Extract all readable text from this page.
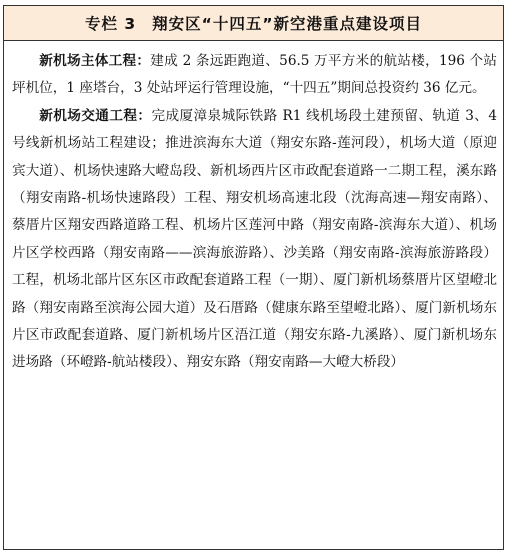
专栏 3 翔安区“十四五”新空港重点建设项目

新机场主体工程：建成 2 条远距跑道、56.5 万平方米的航站楼，196 个站坪机位，1 座塔台，3 处站坪运行管理设施，“十四五”期间总投资约 36 亿元。

新机场交通工程：完成厦漳泉城际铁路 R1 线机场段土建预留、轨道 3、4 号线新机场站工程建设；推进滨海东大道（翔安东路-莲河段），机场大道（原迎宾大道）、机场快速路大嶝岛段、新机场西片区市政配套道路一二期工程，溪东路（翔安南路-机场快速路段）工程、翔安机场高速北段（沈海高速—翔安南路）、蔡厝片区翔安西路道路工程、机场片区莲河中路（翔安南路-滨海东大道）、机场片区学校西路（翔安南路——滨海旅游路）、沙美路（翔安南路-滨海旅游路段）工程，机场北部片区东区市政配套道路工程（一期）、厦门新机场蔡厝片区望嶝北路（翔安南路至滨海公园大道）及石厝路（健康东路至望嶝北路）、厦门新机场东片区市政配套道路、厦门新机场片区浯江道（翔安东路-九溪路）、厦门新机场东进场路（环嶝路-航站楼段）、翔安东路（翔安南路—大嶝大桥段）
